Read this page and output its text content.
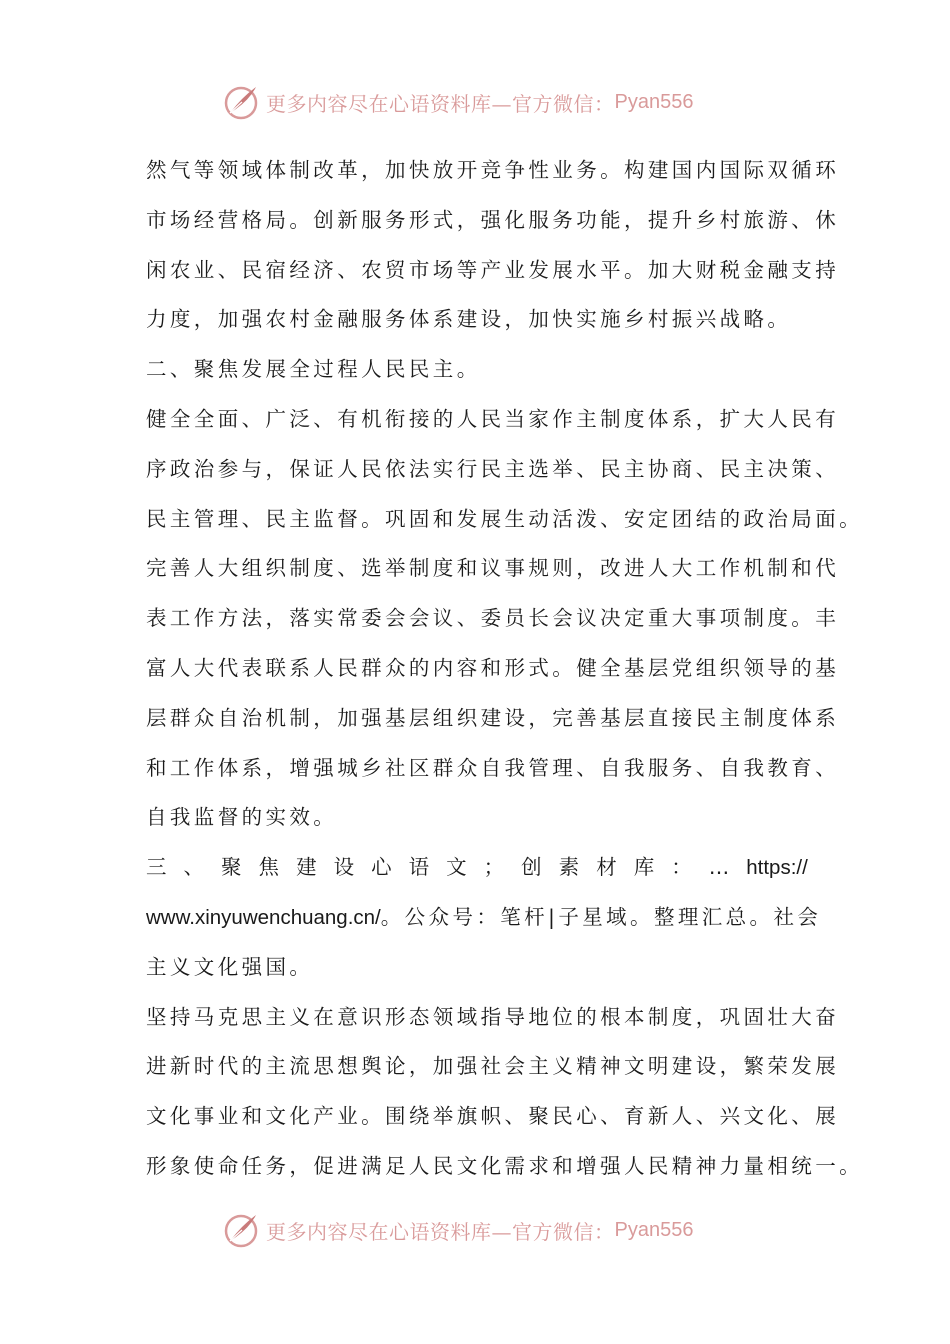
更多内容尽在心语资料库—官方微信： Pyan556
然气等领域体制改革，加快放开竞争性业务。构建国内国际双循环
市场经营格局。创新服务形式，强化服务功能，提升乡村旅游、休
闲农业、民宿经济、农贸市场等产业发展水平。加大财税金融支持
力度，加强农村金融服务体系建设，加快实施乡村振兴战略。
二、聚焦发展全过程人民民主。
健全全面、广泛、有机衔接的人民当家作主制度体系，扩大人民有
序政治参与，保证人民依法实行民主选举、民主协商、民主决策、
民主管理、民主监督。巩固和发展生动活泼、安定团结的政治局面。
完善人大组织制度、选举制度和议事规则，改进人大工作机制和代
表工作方法，落实常委会会议、委员长会议决定重大事项制度。丰
富人大代表联系人民群众的内容和形式。健全基层党组织领导的基
层群众自治机制，加强基层组织建设，完善基层直接民主制度体系
和工作体系，增强城乡社区群众自我管理、自我服务、自我教育、
自我监督的实效。
三 、 聚 焦 建 设 心 语 文 ； 创 素 材 库 ： … https://
www.xinyuwenchuang.cn/。公众号：笔杆|子星域。整理汇总。社会
主义文化强国。
坚持马克思主义在意识形态领域指导地位的根本制度，巩固壮大奋
进新时代的主流思想舆论，加强社会主义精神文明建设，繁荣发展
文化事业和文化产业。围绕举旗帜、聚民心、育新人、兴文化、展
形象使命任务，促进满足人民文化需求和增强人民精神力量相统一。
更多内容尽在心语资料库—官方微信： Pyan556
